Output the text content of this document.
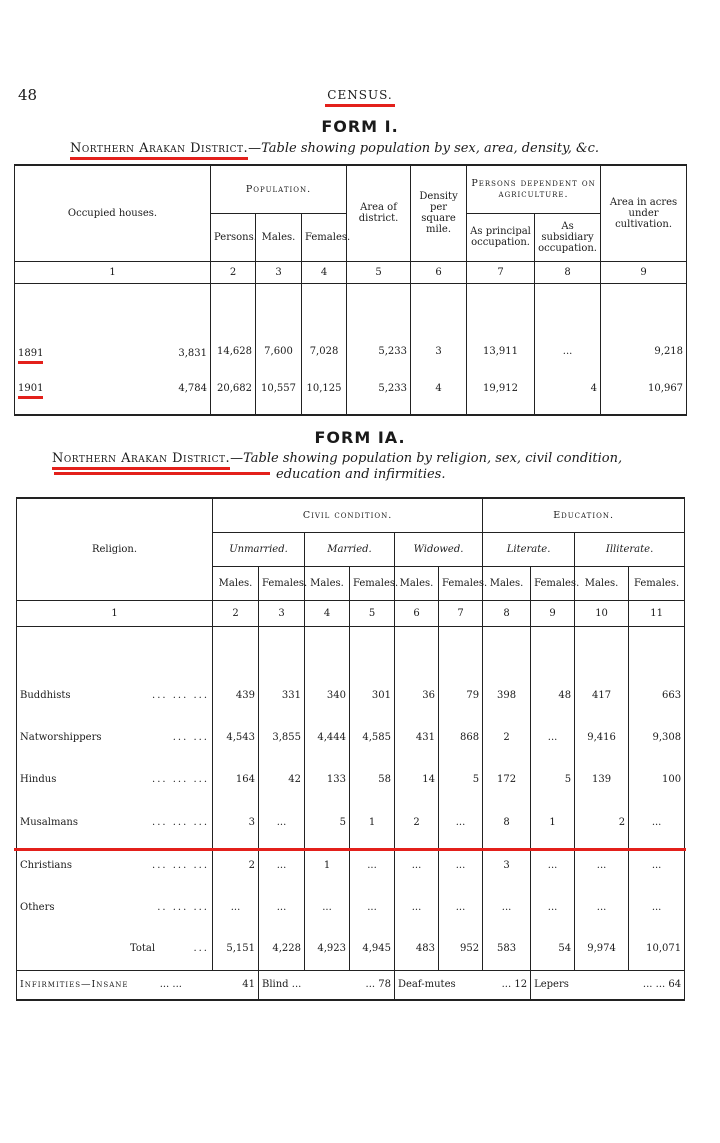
48	CENSUS.
FORM I.
Northern Arakan District.—Table showing population by sex, area, density, &c.
Occupied houses.	Population.			Area of district.	Density per square mile.	Persons dependent on agriculture.		Area in acres under cultivation.
	Persons.	Males.	Females.			As principal occupation.	As subsidiary occupation.	
1	2	3	4	5	6	7	8	9

1891 3,831	14,628	7,600	7,028	5,233	3	13,911	...	9,218
1901 4,784	20,682	10,557	10,125	5,233	4	19,912	4	10,967
FORM IA.
Northern Arakan District.—Table showing population by religion, sex, civil condition,
education and infirmities.
Religion.	Civil condition.						Education.			
	Unmarried.		Married.		Widowed.		Literate.		Illiterate.	
	Males.	Females.	Males.	Females.	Males.	Females.	Males.	Females.	Males.	Females.
1	2	3	4	5	6	7	8	9	10	11

Buddhists ... ... ...	439	331	340	301	36	79	398	48	417	663
Natworshippers ... ...	4,543	3,855	4,444	4,585	431	868	2	...	9,416	9,308
Hindus ... ... ...	164	42	133	58	14	5	172	5	139	100
Musalmans ... ... ...	3	...	5	1	2	...	8	1	2	...
Christians ... ... ...	2	...	1	...	...	...	3	...	...	...
Others .. ... ...	...	...	...	...	...	...	...	...	...	...
Total ...	5,151	4,228	4,923	4,945	483	952	583	54	9,974	10,071
Infirmities—Insane ... ... 41		Blind ... ... 78			Deaf-mutes ... 12			Lepers ... ... 64		
